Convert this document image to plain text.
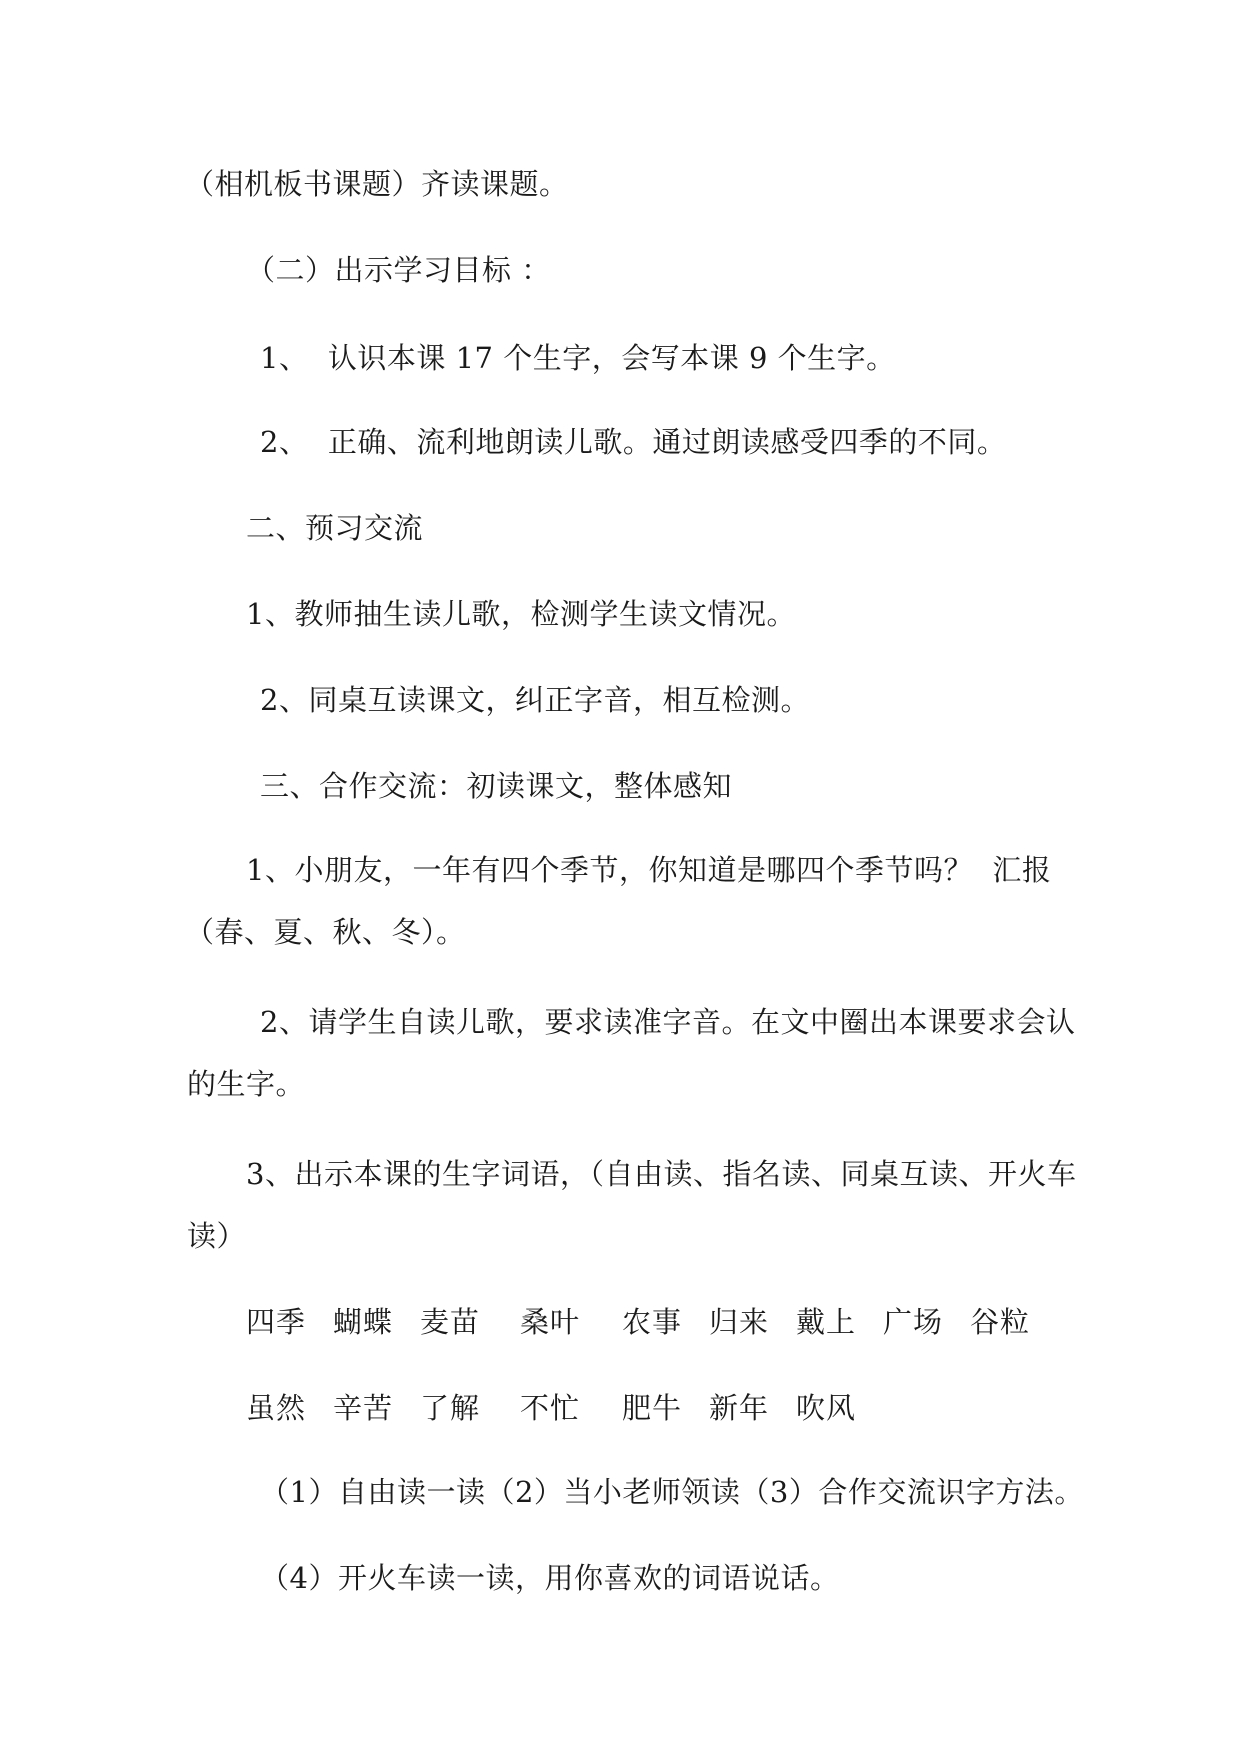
（相机板书课题）齐读课题。

（二）出示学习目标 ：

1、  认识本课 17 个生字，会写本课 9 个生字。

2、  正确、流利地朗读儿歌。通过朗读感受四季的不同。

二、预习交流

1、教师抽生读儿歌，检测学生读文情况。

2、同桌互读课文，纠正字音，相互检测。

三、合作交流：初读课文，整体感知

1、小朋友，一年有四个季节，你知道是哪四个季节吗？  汇报

（春、夏、秋、冬）。

2、请学生自读儿歌，要求读准字音。在文中圈出本课要求会认

的生字。

3、出示本课的生字词语，（自由读、指名读、同桌互读、开火车

读）

四季 蝴蝶 麦苗 桑叶 农事 归来 戴上 广场 谷粒
虽然 辛苦 了解 不忙 肥牛 新年 吹风

（1）自由读一读（2）当小老师领读（3）合作交流识字方法。

（4）开火车读一读，用你喜欢的词语说话。
